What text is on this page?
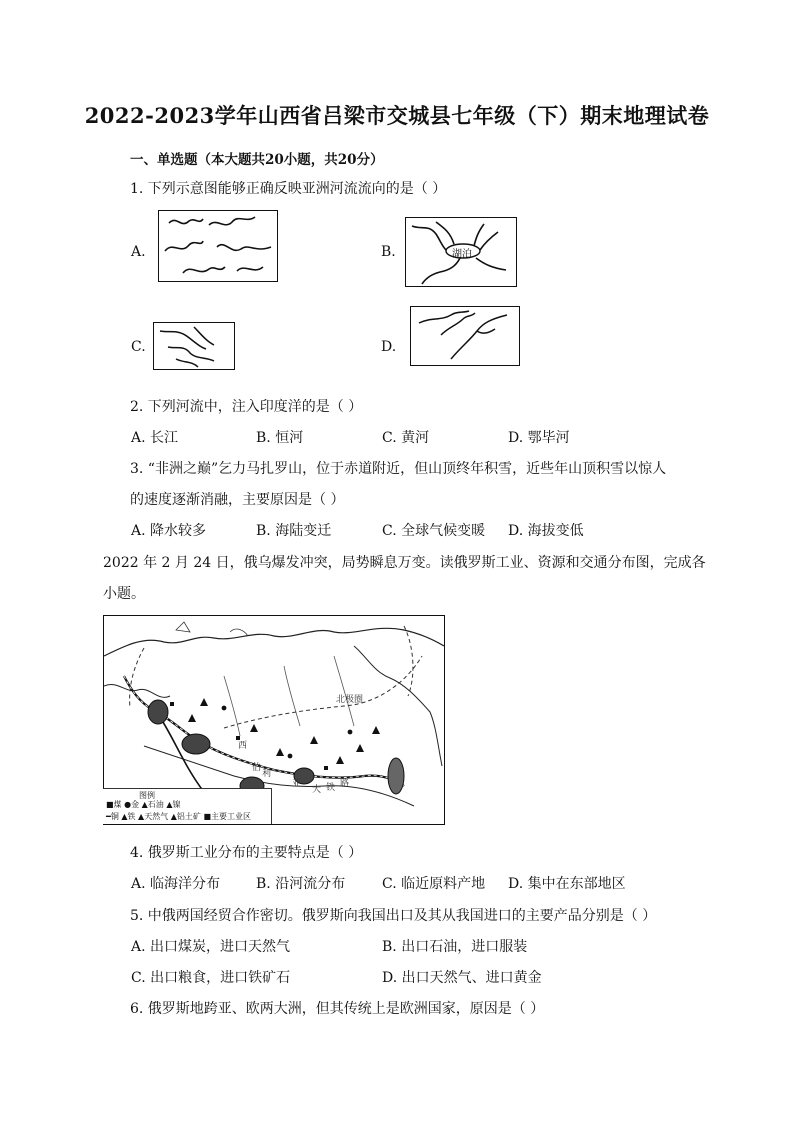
2022-2023学年山西省吕梁市交城县七年级（下）期末地理试卷
一、单选题（本大题共20小题，共20分）
1. 下列示意图能够正确反映亚洲河流流向的是（ ）
A.	B.	湖泊
C.	D.
2. 下列河流中，注入印度洋的是（ ）
A. 长江	B. 恒河	C. 黄河	D. 鄂毕河
3. “非洲之巅”乞力马扎罗山，位于赤道附近，但山顶终年积雪，近些年山顶积雪以惊人
的速度逐渐消融，主要原因是（ ）
A. 降水较多	B. 海陆变迁	C. 全球气候变暖 D. 海拔变低
2022 年 2 月 24 日，俄乌爆发冲突，局势瞬息万变。读俄罗斯工业、资源和交通分布图，完成各
小题。
北极圈
西
伯
利
亚
大 铁 路
图例
■煤 ●金 ▲石油 ▲镍
━铜 ▲铁 ▲天然气 ▲铝土矿 ■主要工业区
4. 俄罗斯工业分布的主要特点是（ ）
A. 临海洋分布	B. 沿河流分布	C. 临近原料产地 D. 集中在东部地区
5. 中俄两国经贸合作密切。俄罗斯向我国出口及其从我国进口的主要产品分别是（ ）
A. 出口煤炭，进口天然气	B. 出口石油，进口服装
C. 出口粮食，进口铁矿石	D. 出口天然气、进口黄金
6. 俄罗斯地跨亚、欧两大洲，但其传统上是欧洲国家，原因是（ ）
